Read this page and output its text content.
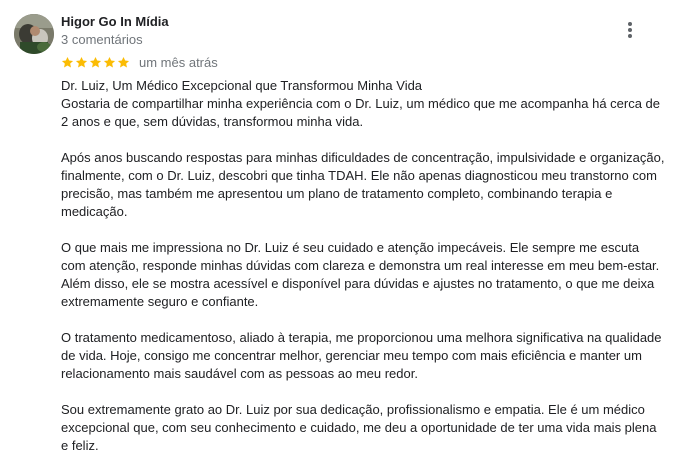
Higor Go In Mídia
3 comentários
um mês atrás

Dr. Luiz, Um Médico Excepcional que Transformou Minha Vida
Gostaria de compartilhar minha experiência com o Dr. Luiz, um médico que me acompanha há cerca de 2 anos e que, sem dúvidas, transformou minha vida.

Após anos buscando respostas para minhas dificuldades de concentração, impulsividade e organização, finalmente, com o Dr. Luiz, descobri que tinha TDAH. Ele não apenas diagnosticou meu transtorno com precisão, mas também me apresentou um plano de tratamento completo, combinando terapia e medicação.

O que mais me impressiona no Dr. Luiz é seu cuidado e atenção impecáveis. Ele sempre me escuta com atenção, responde minhas dúvidas com clareza e demonstra um real interesse em meu bem-estar. Além disso, ele se mostra acessível e disponível para dúvidas e ajustes no tratamento, o que me deixa extremamente seguro e confiante.

O tratamento medicamentoso, aliado à terapia, me proporcionou uma melhora significativa na qualidade de vida. Hoje, consigo me concentrar melhor, gerenciar meu tempo com mais eficiência e manter um relacionamento mais saudável com as pessoas ao meu redor.

Sou extremamente grato ao Dr. Luiz por sua dedicação, profissionalismo e empatia. Ele é um médico excepcional que, com seu conhecimento e cuidado, me deu a oportunidade de ter uma vida mais plena e feliz.
